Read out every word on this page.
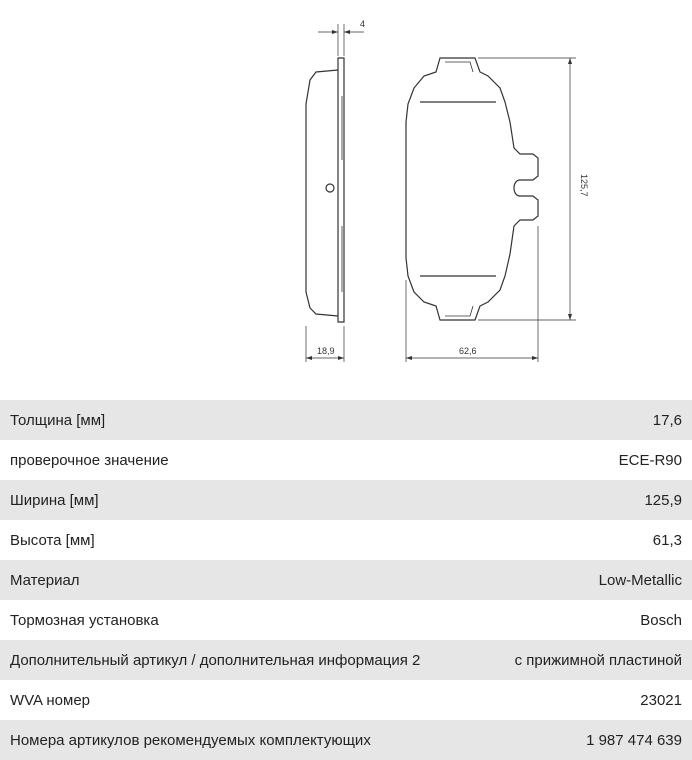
4
18,9	62,6
125,7
Толщина [мм]	17,6
проверочное значение	ECE-R90
Ширина [мм]	125,9
Высота [мм]	61,3
Материал	Low-Metallic
Тормозная установка	Bosch
Дополнительный артикул / дополнительная информация 2	с прижимной пластиной
WVA номер	23021
Номера артикулов рекомендуемых комплектующих	1 987 474 639
